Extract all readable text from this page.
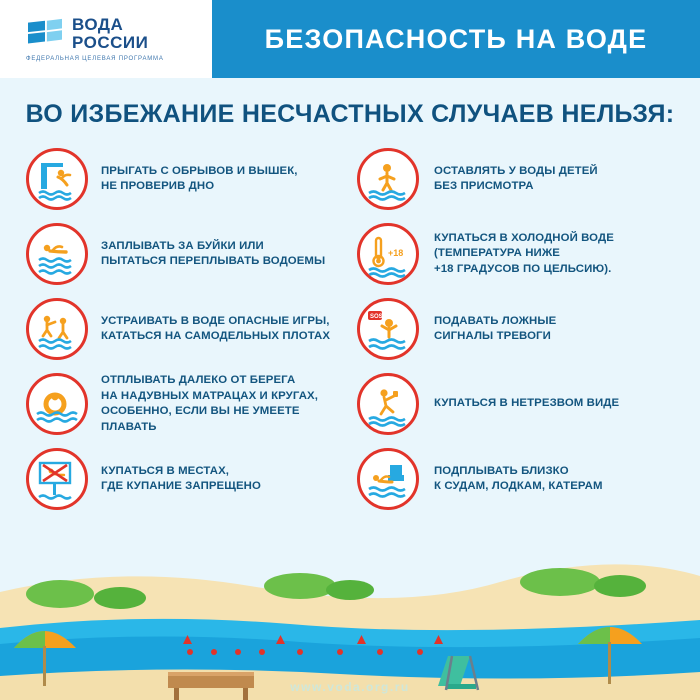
ВОДА
РОССИИ
ФЕДЕРАЛЬНАЯ ЦЕЛЕВАЯ ПРОГРАММА
БЕЗОПАСНОСТЬ НА ВОДЕ
ВО ИЗБЕЖАНИЕ НЕСЧАСТНЫХ СЛУЧАЕВ НЕЛЬЗЯ:
ПРЫГАТЬ С ОБРЫВОВ И ВЫШЕК,
НЕ ПРОВЕРИВ ДНО
ЗАПЛЫВАТЬ ЗА БУЙКИ ИЛИ
ПЫТАТЬСЯ ПЕРЕПЛЫВАТЬ ВОДОЕМЫ
УСТРАИВАТЬ В ВОДЕ ОПАСНЫЕ ИГРЫ,
КАТАТЬСЯ НА САМОДЕЛЬНЫХ ПЛОТАХ
ОТПЛЫВАТЬ ДАЛЕКО ОТ БЕРЕГА
НА НАДУВНЫХ МАТРАЦАХ И КРУГАХ,
ОСОБЕННО, ЕСЛИ ВЫ НЕ УМЕЕТЕ ПЛАВАТЬ
КУПАТЬСЯ В МЕСТАХ,
ГДЕ КУПАНИЕ ЗАПРЕЩЕНО
ОСТАВЛЯТЬ У ВОДЫ ДЕТЕЙ
БЕЗ ПРИСМОТРА
+18
КУПАТЬСЯ В ХОЛОДНОЙ ВОДЕ
(ТЕМПЕРАТУРА НИЖЕ
+18 ГРАДУСОВ ПО ЦЕЛЬСИЮ).
SOS!	ПОДАВАТЬ ЛОЖНЫЕ
СИГНАЛЫ ТРЕВОГИ
КУПАТЬСЯ В НЕТРЕЗВОМ ВИДЕ
ПОДПЛЫВАТЬ БЛИЗКО
К СУДАМ, ЛОДКАМ, КАТЕРАМ
www.voda.org.ru
